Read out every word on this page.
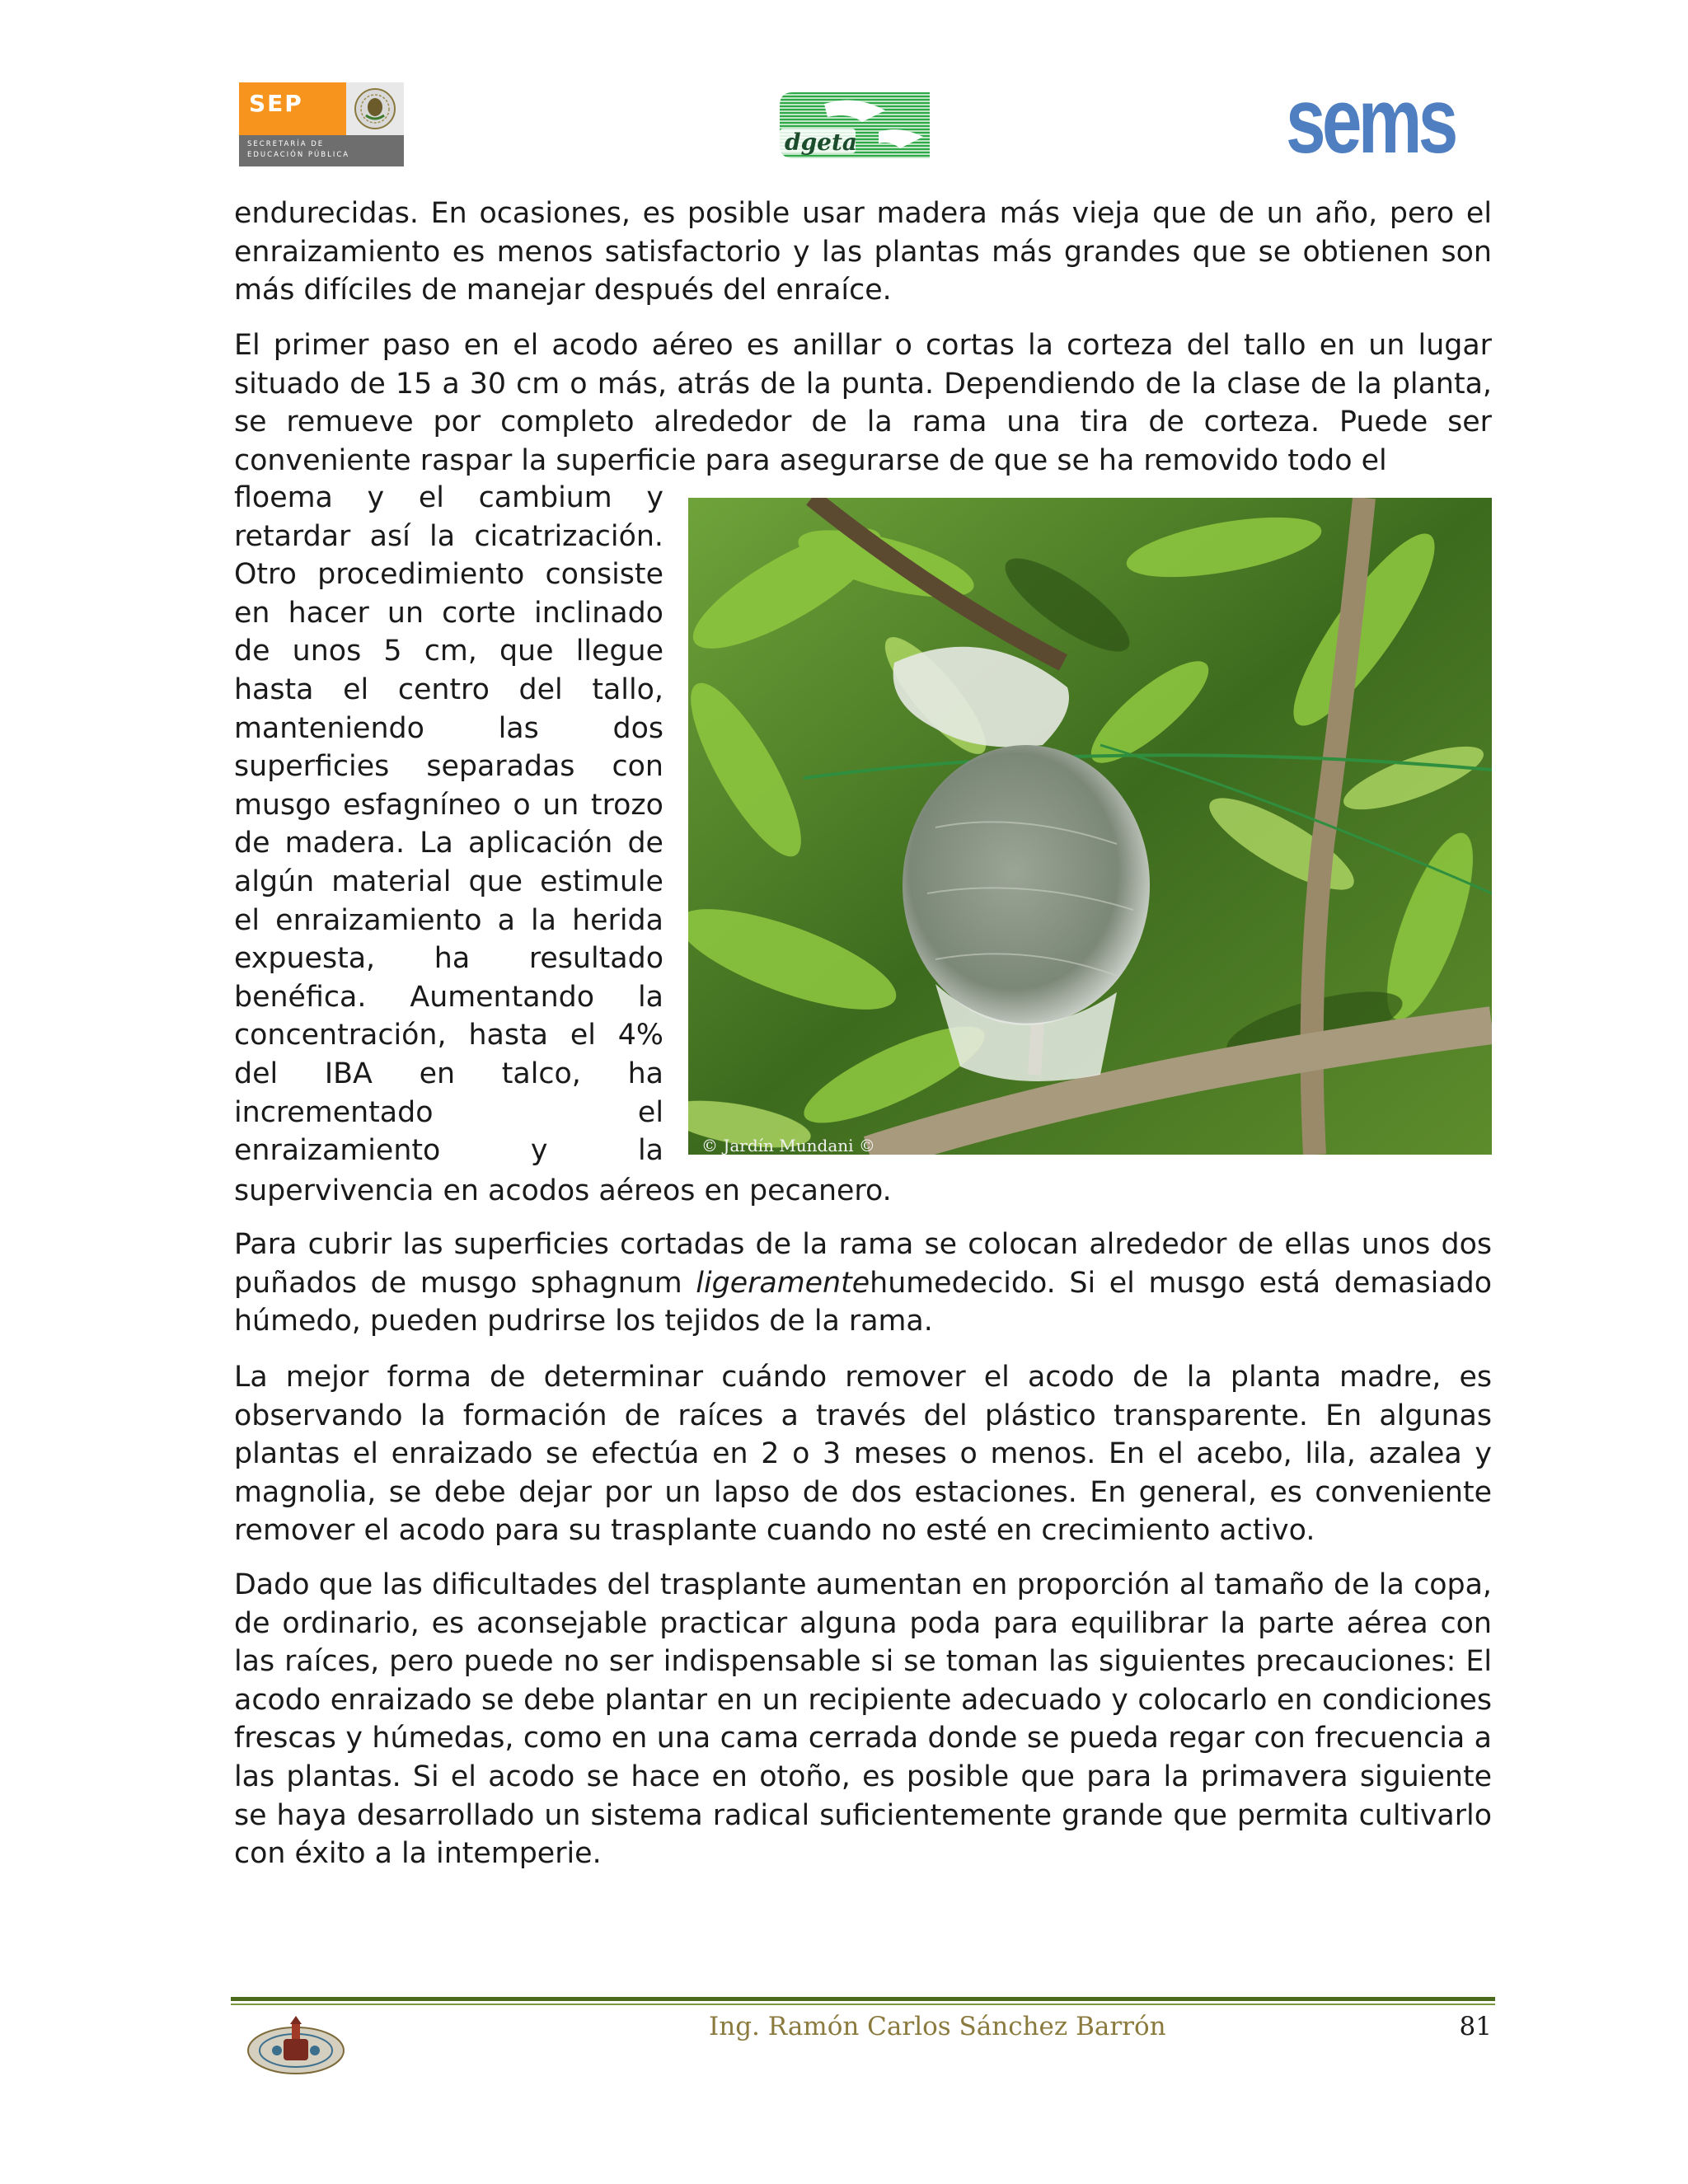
SEP
SECRETARÍA DE
EDUCACIÓN PÚBLICA	dgeta	sems

endurecidas. En ocasiones, es posible usar madera más vieja que de un año, pero el enraizamiento es menos satisfactorio y las plantas más grandes que se obtienen son más difíciles de manejar después del enraíce.

El primer paso en el acodo aéreo es anillar o cortas la corteza del tallo en un lugar situado de 15 a 30 cm o más, atrás de la punta. Dependiendo de la clase de la planta, se remueve por completo alrededor de la rama una tira de corteza. Puede ser conveniente raspar la superficie para asegurarse de que se ha removido todo el

floema y el cambium y
retardar así la cicatrización.
Otro procedimiento consiste
en hacer un corte inclinado
de unos 5 cm, que llegue
hasta el centro del tallo,
manteniendo	las	dos
superficies separadas con
musgo esfagníneo o un trozo
de madera. La aplicación de
algún material que estimule
el enraizamiento a la herida
expuesta, ha resultado
benéfica. Aumentando la
concentración, hasta el 4%
del IBA en talco, ha
incrementado	el
enraizamiento	y	la
supervivencia en acodos aéreos en pecanero.

Para cubrir las superficies cortadas de la rama se colocan alrededor de ellas unos dos puñados de musgo sphagnum ligeramentehumedecido. Si el musgo está demasiado húmedo, pueden pudrirse los tejidos de la rama.

La mejor forma de determinar cuándo remover el acodo de la planta madre, es observando la formación de raíces a través del plástico transparente. En algunas plantas el enraizado se efectúa en 2 o 3 meses o menos. En el acebo, lila, azalea y magnolia, se debe dejar por un lapso de dos estaciones. En general, es conveniente remover el acodo para su trasplante cuando no esté en crecimiento activo.

Dado que las dificultades del trasplante aumentan en proporción al tamaño de la copa, de ordinario, es aconsejable practicar alguna poda para equilibrar la parte aérea con las raíces, pero puede no ser indispensable si se toman las siguientes precauciones: El acodo enraizado se debe plantar en un recipiente adecuado y colocarlo en condiciones frescas y húmedas, como en una cama cerrada donde se pueda regar con frecuencia a las plantas. Si el acodo se hace en otoño, es posible que para la primavera siguiente se haya desarrollado un sistema radical suficientemente grande que permita cultivarlo con éxito a la intemperie.

© Jardín Mundani ©
Ing. Ramón Carlos Sánchez Barrón	81
